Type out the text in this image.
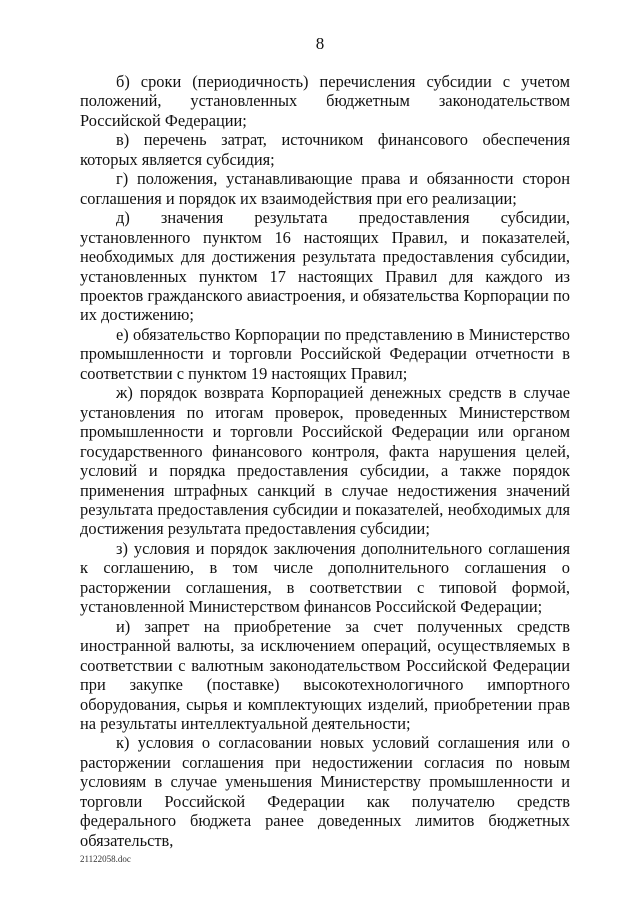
8

б) сроки (периодичность) перечисления субсидии с учетом положений, установленных бюджетным законодательством Российской Федерации;

в) перечень затрат, источником финансового обеспечения которых является субсидия;

г) положения, устанавливающие права и обязанности сторон соглашения и порядок их взаимодействия при его реализации;

д) значения результата предоставления субсидии, установленного пунктом 16 настоящих Правил, и показателей, необходимых для достижения результата предоставления субсидии, установленных пунктом 17 настоящих Правил для каждого из проектов гражданского авиастроения, и обязательства Корпорации по их достижению;

е) обязательство Корпорации по представлению в Министерство промышленности и торговли Российской Федерации отчетности в соответствии с пунктом 19 настоящих Правил;

ж) порядок возврата Корпорацией денежных средств в случае установления по итогам проверок, проведенных Министерством промышленности и торговли Российской Федерации или органом государственного финансового контроля, факта нарушения целей, условий и порядка предоставления субсидии, а также порядок применения штрафных санкций в случае недостижения значений результата предоставления субсидии и показателей, необходимых для достижения результата предоставления субсидии;

з) условия и порядок заключения дополнительного соглашения к соглашению, в том числе дополнительного соглашения о расторжении соглашения, в соответствии с типовой формой, установленной Министерством финансов Российской Федерации;

и) запрет на приобретение за счет полученных средств иностранной валюты, за исключением операций, осуществляемых в соответствии с валютным законодательством Российской Федерации при закупке (поставке) высокотехнологичного импортного оборудования, сырья и комплектующих изделий, приобретении прав на результаты интеллектуальной деятельности;

к) условия о согласовании новых условий соглашения или о расторжении соглашения при недостижении согласия по новым условиям в случае уменьшения Министерству промышленности и торговли Российской Федерации как получателю средств федерального бюджета ранее доведенных лимитов бюджетных обязательств,

21122058.doc
